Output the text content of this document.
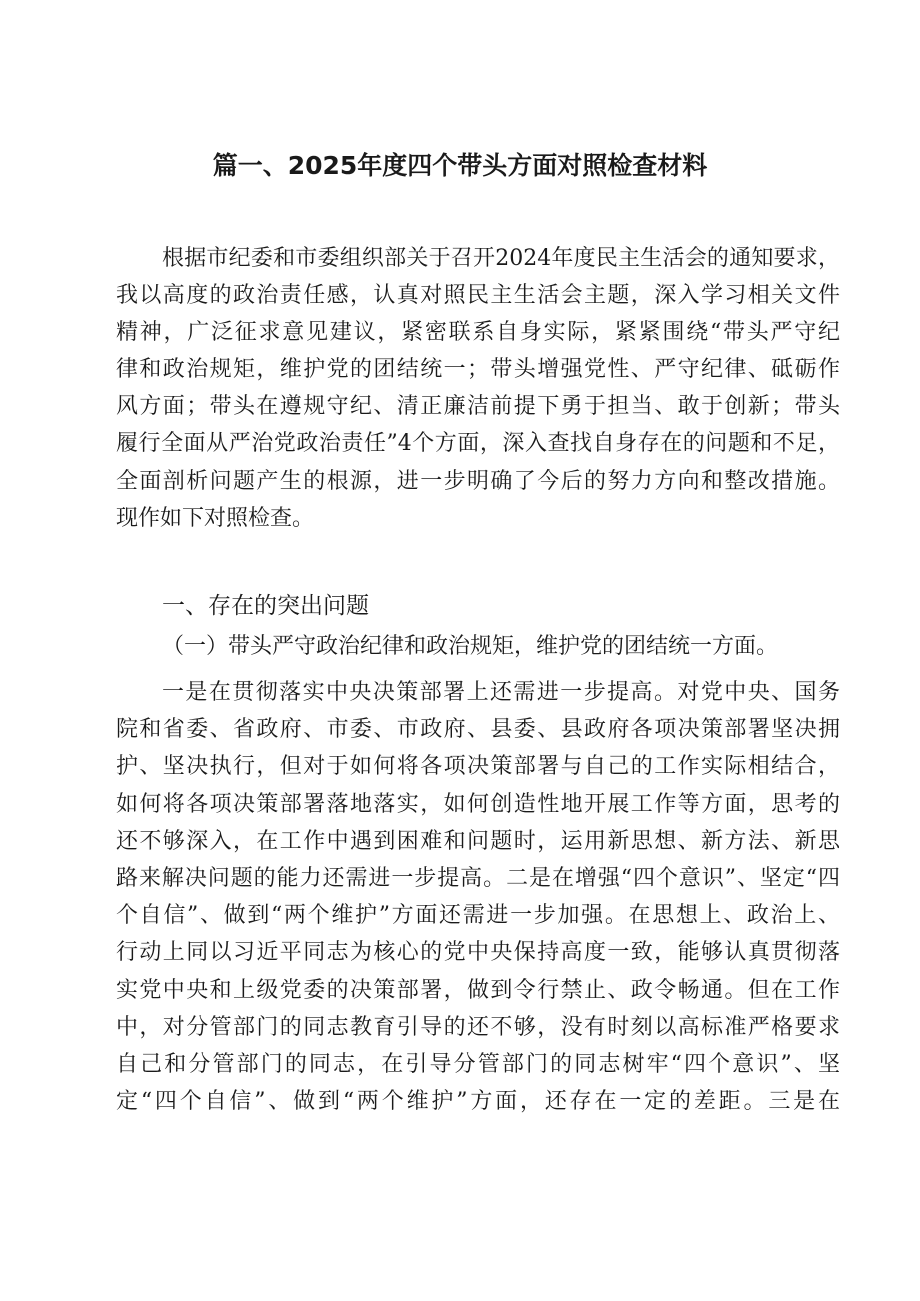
篇一、2025年度四个带头方面对照检查材料
根据市纪委和市委组织部关于召开2024年度民主生活会的通知要求，
我以高度的政治责任感，认真对照民主生活会主题，深入学习相关文件
精神，广泛征求意见建议，紧密联系自身实际，紧紧围绕“带头严守纪
律和政治规矩，维护党的团结统一；带头增强党性、严守纪律、砥砺作
风方面；带头在遵规守纪、清正廉洁前提下勇于担当、敢于创新；带头
履行全面从严治党政治责任”4个方面，深入查找自身存在的问题和不足，
全面剖析问题产生的根源，进一步明确了今后的努力方向和整改措施。
现作如下对照检查。
一、存在的突出问题
（一）带头严守政治纪律和政治规矩，维护党的团结统一方面。
一是在贯彻落实中央决策部署上还需进一步提高。对党中央、国务
院和省委、省政府、市委、市政府、县委、县政府各项决策部署坚决拥
护、坚决执行，但对于如何将各项决策部署与自己的工作实际相结合，
如何将各项决策部署落地落实，如何创造性地开展工作等方面，思考的
还不够深入，在工作中遇到困难和问题时，运用新思想、新方法、新思
路来解决问题的能力还需进一步提高。二是在增强“四个意识”、坚定“四
个自信”、做到“两个维护”方面还需进一步加强。在思想上、政治上、
行动上同以习近平同志为核心的党中央保持高度一致，能够认真贯彻落
实党中央和上级党委的决策部署，做到令行禁止、政令畅通。但在工作
中，对分管部门的同志教育引导的还不够，没有时刻以高标准严格要求
自己和分管部门的同志，在引导分管部门的同志树牢“四个意识”、坚
定“四个自信”、做到“两个维护”方面，还存在一定的差距。三是在
